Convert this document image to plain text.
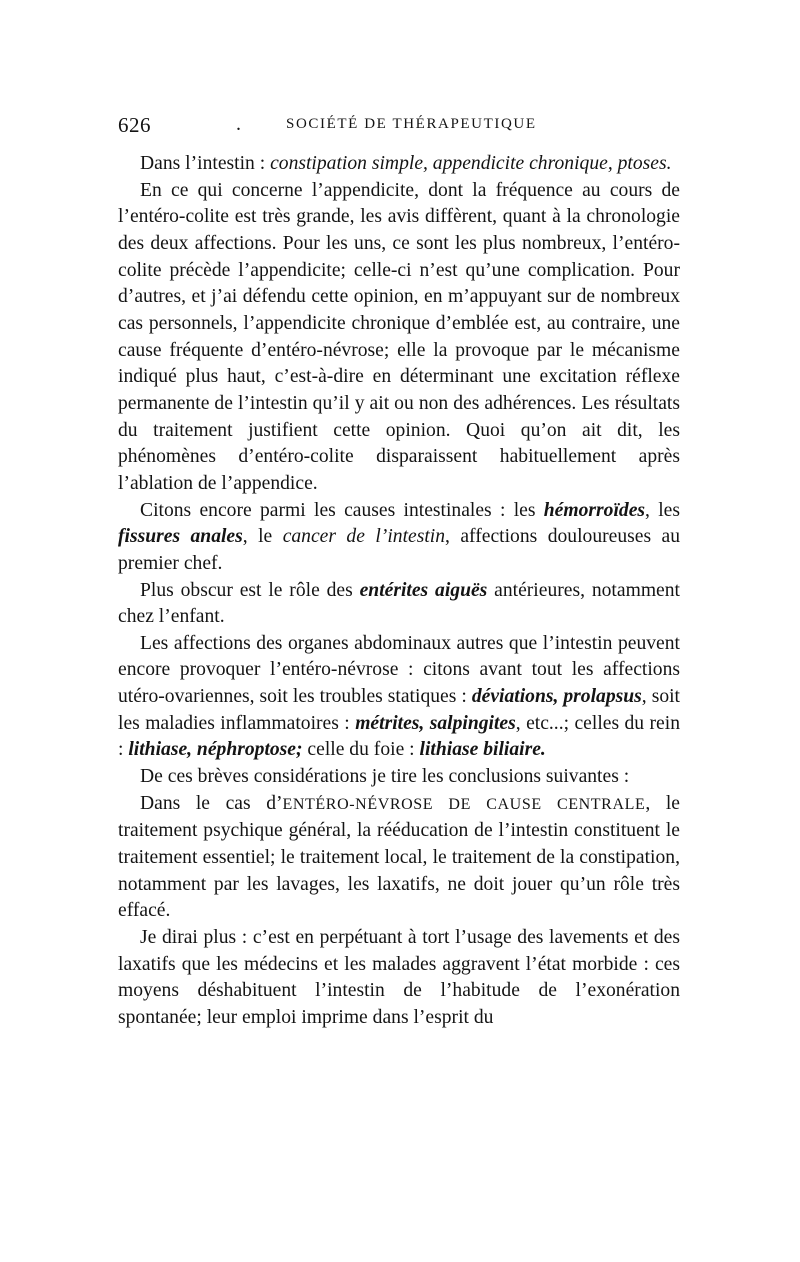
626	.	SOCIÉTÉ DE THÉRAPEUTIQUE

Dans l’intestin : constipation simple, appendicite chronique, ptoses.

En ce qui concerne l’appendicite, dont la fréquence au cours de l’entéro-colite est très grande, les avis diffèrent, quant à la chronologie des deux affections. Pour les uns, ce sont les plus nombreux, l’entéro-colite précède l’appendicite; celle-ci n’est qu’une complication. Pour d’autres, et j’ai défendu cette opinion, en m’appuyant sur de nombreux cas personnels, l’appendicite chronique d’emblée est, au contraire, une cause fréquente d’entéro-névrose; elle la provoque par le mécanisme indiqué plus haut, c’est-à-dire en déterminant une excitation réflexe permanente de l’intestin qu’il y ait ou non des adhérences. Les résultats du traitement justifient cette opinion. Quoi qu’on ait dit, les phénomènes d’entéro-colite disparaissent habituellement après l’ablation de l’appendice.

Citons encore parmi les causes intestinales : les hémorroïdes, les fissures anales, le cancer de l’intestin, affections douloureuses au premier chef.

Plus obscur est le rôle des entérites aiguës antérieures, notamment chez l’enfant.

Les affections des organes abdominaux autres que l’intestin peuvent encore provoquer l’entéro-névrose : citons avant tout les affections utéro-ovariennes, soit les troubles statiques : déviations, prolapsus, soit les maladies inflammatoires : métrites, salpingites, etc...; celles du rein : lithiase, néphroptose; celle du foie : lithiase biliaire.

De ces brèves considérations je tire les conclusions suivantes :

Dans le cas d’ENTÉRO-NÉVROSE DE CAUSE CENTRALE, le traitement psychique général, la rééducation de l’intestin constituent le traitement essentiel; le traitement local, le traitement de la constipation, notamment par les lavages, les laxatifs, ne doit jouer qu’un rôle très effacé.

Je dirai plus : c’est en perpétuant à tort l’usage des lavements et des laxatifs que les médecins et les malades aggravent l’état morbide : ces moyens déshabituent l’intestin de l’habitude de l’exonération spontanée; leur emploi imprime dans l’esprit du
